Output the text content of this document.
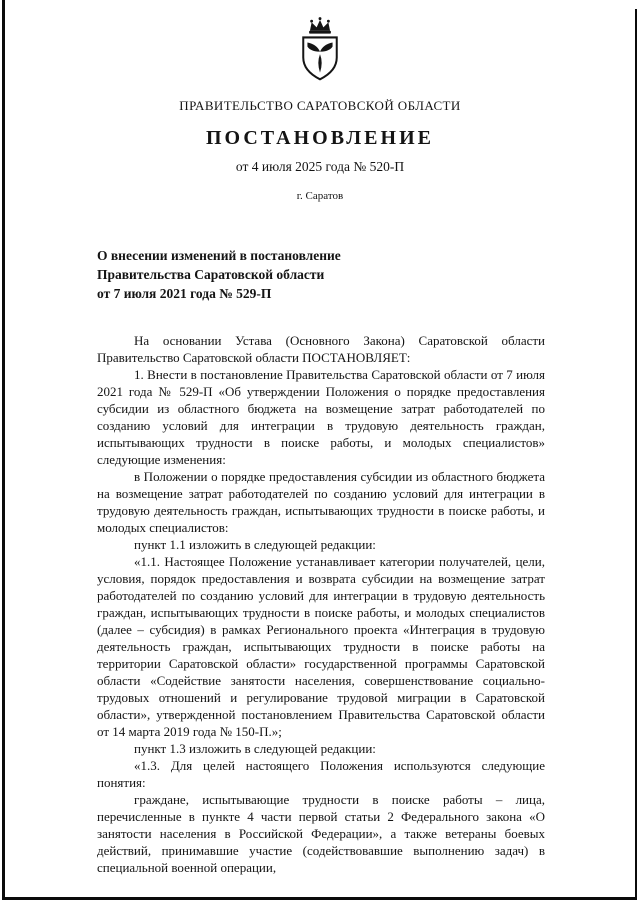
ПРАВИТЕЛЬСТВО САРАТОВСКОЙ ОБЛАСТИ
ПОСТАНОВЛЕНИЕ
от 4 июля 2025 года № 520-П
г. Саратов
О внесении изменений в постановление
Правительства Саратовской области
от 7 июля 2021 года № 529-П

На основании Устава (Основного Закона) Саратовской области Правительство Саратовской области ПОСТАНОВЛЯЕТ:

1. Внести в постановление Правительства Саратовской области от 7 июля 2021 года № 529-П «Об утверждении Положения о порядке предоставления субсидии из областного бюджета на возмещение затрат работодателей по созданию условий для интеграции в трудовую деятельность граждан, испытывающих трудности в поиске работы, и молодых специалистов» следующие изменения:

в Положении о порядке предоставления субсидии из областного бюджета на возмещение затрат работодателей по созданию условий для интеграции в трудовую деятельность граждан, испытывающих трудности в поиске работы, и молодых специалистов:

пункт 1.1 изложить в следующей редакции:

«1.1. Настоящее Положение устанавливает категории получателей, цели, условия, порядок предоставления и возврата субсидии на возмещение затрат работодателей по созданию условий для интеграции в трудовую деятельность граждан, испытывающих трудности в поиске работы, и молодых специалистов (далее – субсидия) в рамках Регионального проекта «Интеграция в трудовую деятельность граждан, испытывающих трудности в поиске работы на территории Саратовской области» государственной программы Саратовской области «Содействие занятости населения, совершенствование социально-трудовых отношений и регулирование трудовой миграции в Саратовской области», утвержденной постановлением Правительства Саратовской области от 14 марта 2019 года № 150-П.»;

пункт 1.3 изложить в следующей редакции:

«1.3. Для целей настоящего Положения используются следующие понятия:

граждане, испытывающие трудности в поиске работы – лица, перечисленные в пункте 4 части первой статьи 2 Федерального закона «О занятости населения в Российской Федерации», а также ветераны боевых действий, принимавшие участие (содействовавшие выполнению задач) в специальной военной операции,
